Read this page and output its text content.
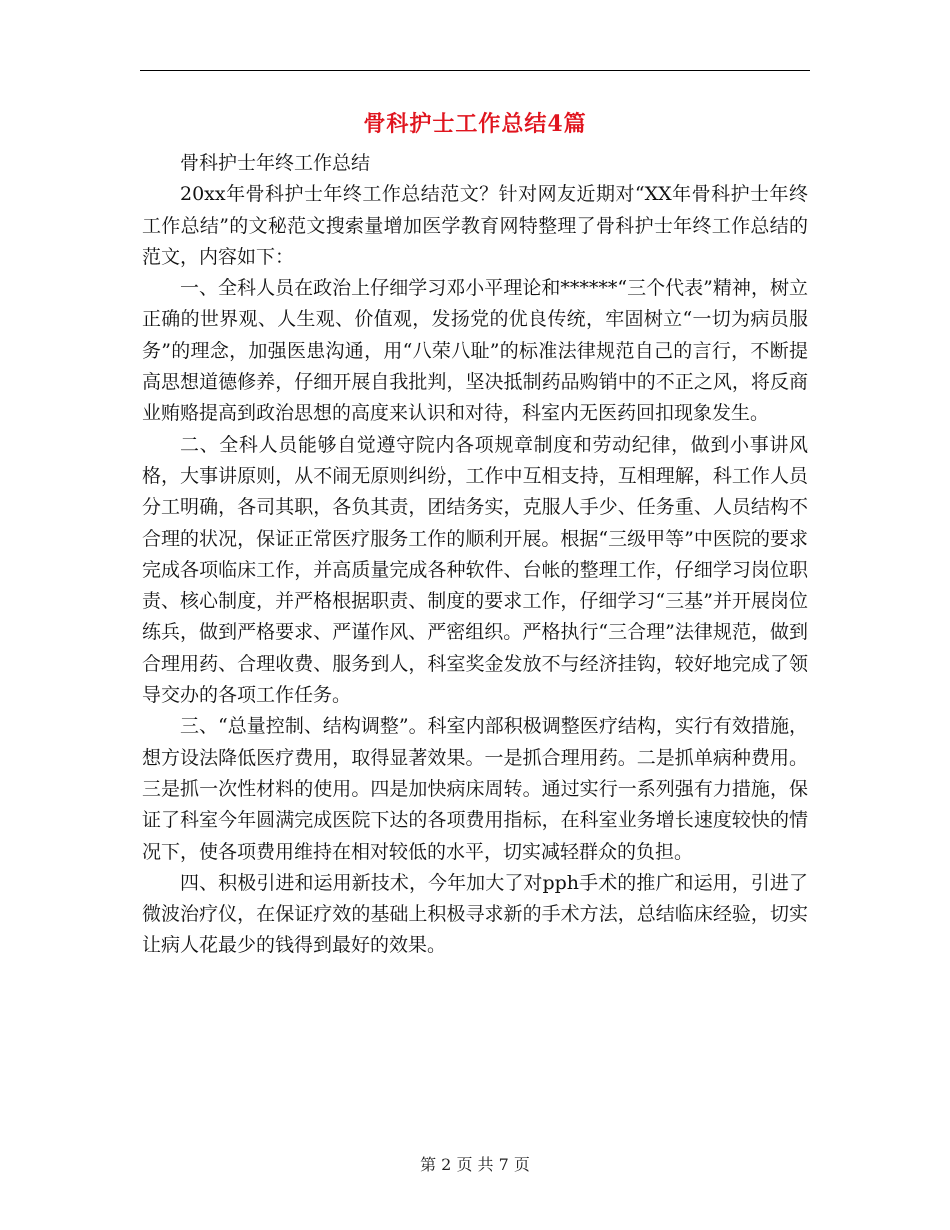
骨科护士工作总结4篇

骨科护士年终工作总结

20xx年骨科护士年终工作总结范文？针对网友近期对“XX年骨科护士年终工作总结”的文秘范文搜索量增加医学教育网特整理了骨科护士年终工作总结的范文，内容如下：

一、全科人员在政治上仔细学习邓小平理论和******“三个代表”精神，树立正确的世界观、人生观、价值观，发扬党的优良传统，牢固树立“一切为病员服务”的理念，加强医患沟通，用“八荣八耻”的标准法律规范自己的言行，不断提高思想道德修养，仔细开展自我批判，坚决抵制药品购销中的不正之风，将反商业贿赂提高到政治思想的高度来认识和对待，科室内无医药回扣现象发生。

二、全科人员能够自觉遵守院内各项规章制度和劳动纪律，做到小事讲风格，大事讲原则，从不闹无原则纠纷，工作中互相支持，互相理解，科工作人员分工明确，各司其职，各负其责，团结务实，克服人手少、任务重、人员结构不合理的状况，保证正常医疗服务工作的顺利开展。根据“三级甲等”中医院的要求完成各项临床工作，并高质量完成各种软件、台帐的整理工作，仔细学习岗位职责、核心制度，并严格根据职责、制度的要求工作，仔细学习“三基”并开展岗位练兵，做到严格要求、严谨作风、严密组织。严格执行“三合理”法律规范，做到合理用药、合理收费、服务到人，科室奖金发放不与经济挂钩，较好地完成了领导交办的各项工作任务。

三、“总量控制、结构调整”。科室内部积极调整医疗结构，实行有效措施，想方设法降低医疗费用，取得显著效果。一是抓合理用药。二是抓单病种费用。三是抓一次性材料的使用。四是加快病床周转。通过实行一系列强有力措施，保证了科室今年圆满完成医院下达的各项费用指标，在科室业务增长速度较快的情况下，使各项费用维持在相对较低的水平，切实减轻群众的负担。

四、积极引进和运用新技术，今年加大了对pph手术的推广和运用，引进了微波治疗仪，在保证疗效的基础上积极寻求新的手术方法，总结临床经验，切实让病人花最少的钱得到最好的效果。

第 2 页 共 7 页
